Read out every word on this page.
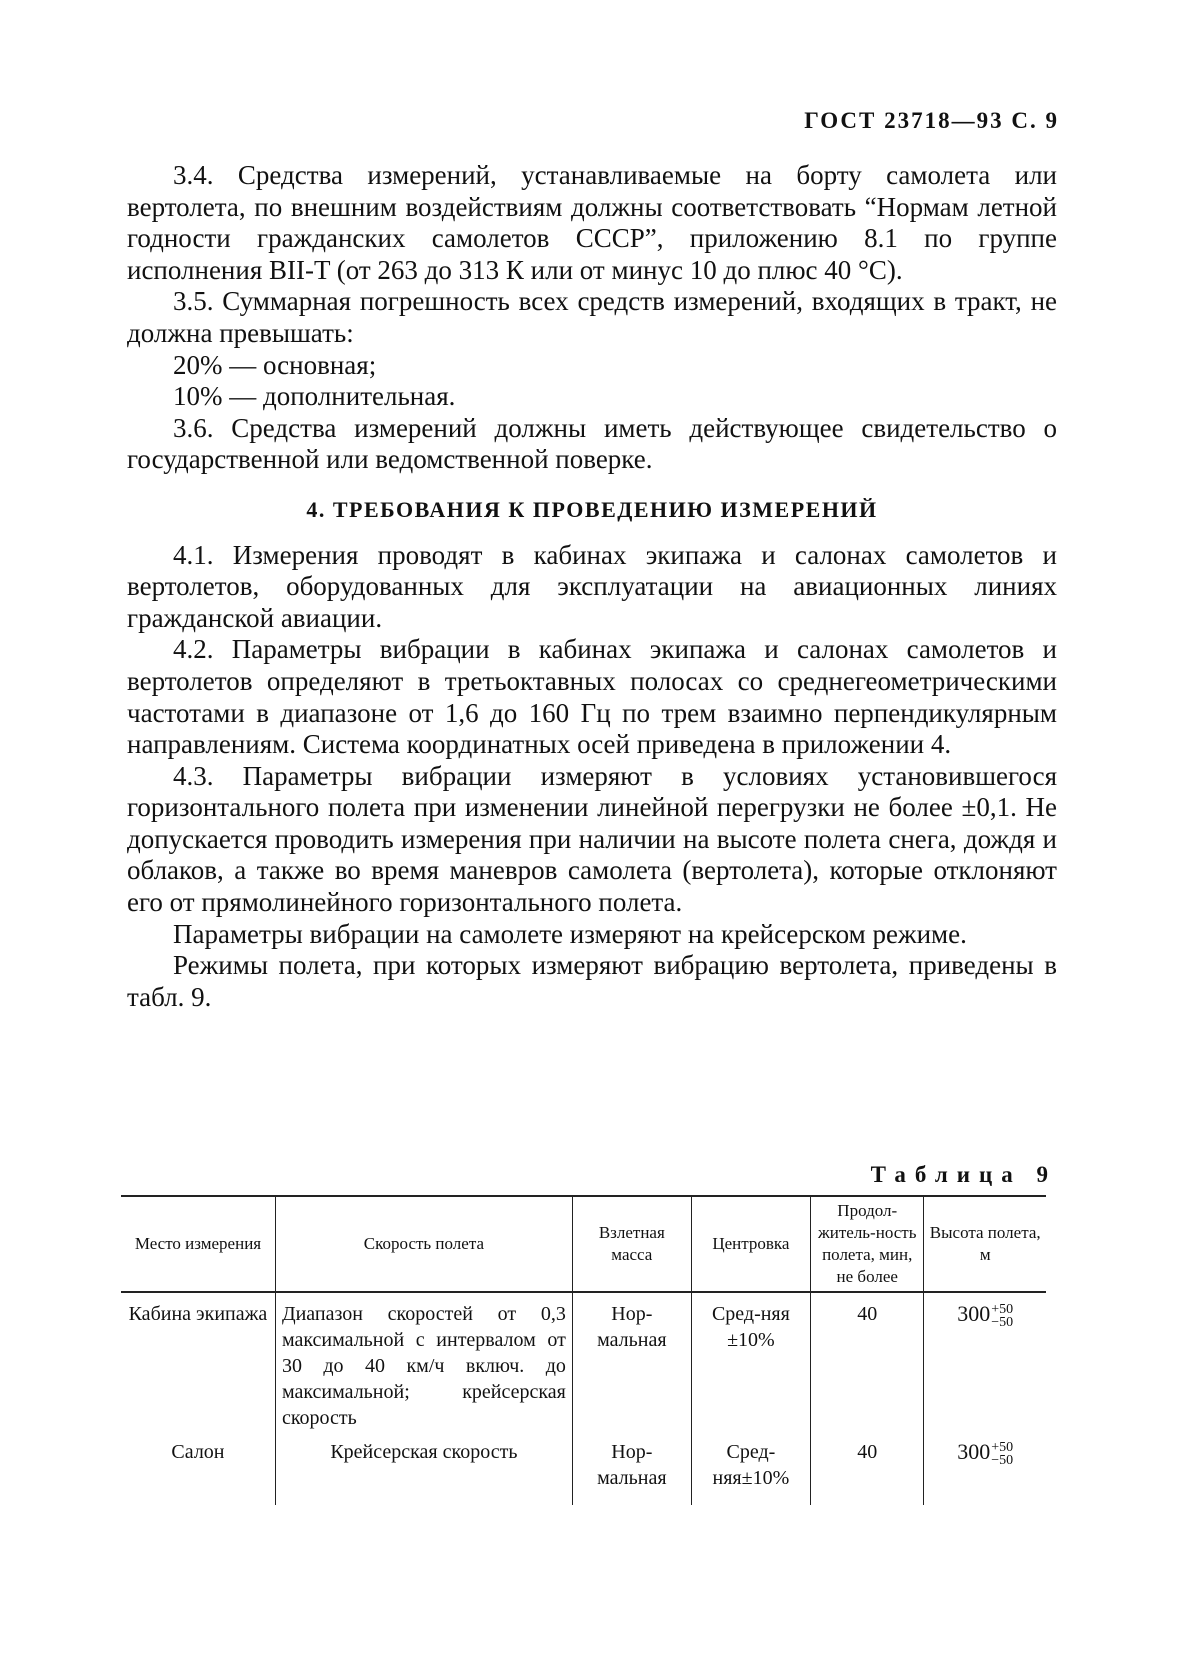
ГОСТ 23718—93 С. 9

3.4. Средства измерений, устанавливаемые на борту самолета или вертолета, по внешним воздействиям должны соответствовать “Нормам летной годности гражданских самолетов СССР”, приложению 8.1 по группе исполнения BII-T (от 263 до 313 К или от минус 10 до плюс 40 °С).

3.5. Суммарная погрешность всех средств измерений, входящих в тракт, не должна превышать:

20% — основная;

10% — дополнительная.

3.6. Средства измерений должны иметь действующее свидетельство о государственной или ведомственной поверке.

4. ТРЕБОВАНИЯ К ПРОВЕДЕНИЮ ИЗМЕРЕНИЙ

4.1. Измерения проводят в кабинах экипажа и салонах самолетов и вертолетов, оборудованных для эксплуатации на авиационных линиях гражданской авиации.

4.2. Параметры вибрации в кабинах экипажа и салонах самолетов и вертолетов определяют в третьоктавных полосах со среднегеометрическими частотами в диапазоне от 1,6 до 160 Гц по трем взаимно перпендикулярным направлениям. Система координатных осей приведена в приложении 4.

4.3. Параметры вибрации измеряют в условиях установившегося горизонтального полета при изменении линейной перегрузки не более ±0,1. Не допускается проводить измерения при наличии на высоте полета снега, дождя и облаков, а также во время маневров самолета (вертолета), которые отклоняют его от прямолинейного горизонтального полета.

Параметры вибрации на самолете измеряют на крейсерском режиме.

Режимы полета, при которых измеряют вибрацию вертолета, приведены в табл. 9.

Таблица 9
Место измерения	Скорость полета	Взлетная масса	Центровка	Продол-житель-ность полета, мин, не более	Высота полета, м
Кабина экипажа	Диапазон скоростей от 0,3 максимальной с интервалом от 30 до 40 км/ч включ. до максимальной; крейсерская скорость	Нор-мальная	Сред-няя ±10%	40	300+50
−50
Салон	Крейсерская скорость	Нор-мальная	Сред-няя±10%	40	300+50
−50
